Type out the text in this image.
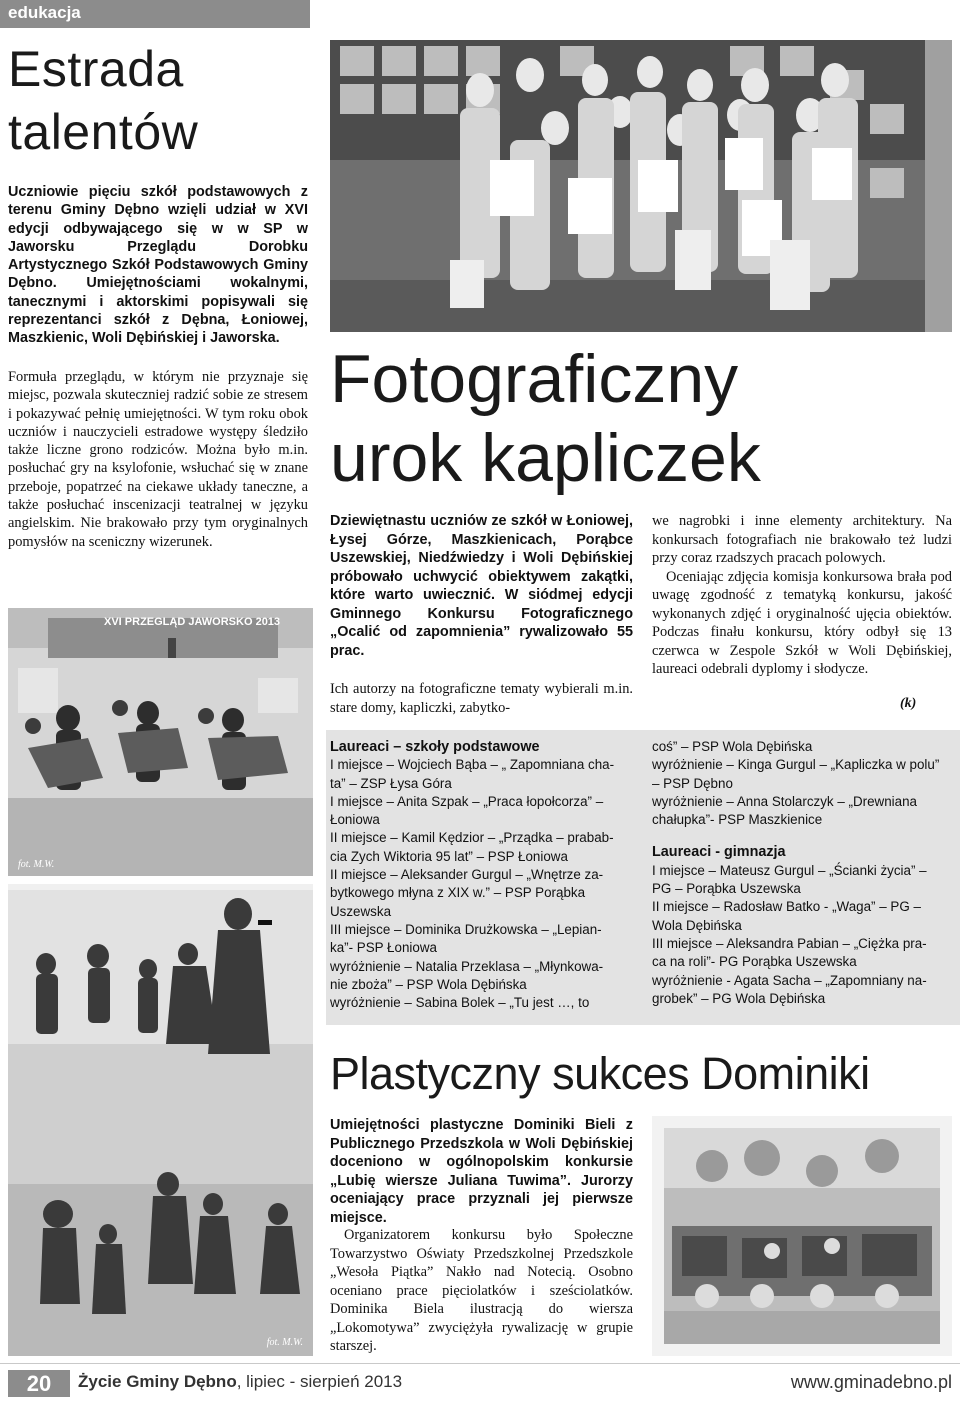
edukacja
Estrada
talentów
Uczniowie pięciu szkół podstawowych z terenu Gminy Dębno wzięli udział w XVI edycji odbywającego się w w SP w Jaworsku Przeglądu Dorobku Artystycznego Szkół Podstawowych Gminy Dębno. Umiejętnościami wokalnymi, tanecznymi i aktorskimi popisywali się reprezentanci szkół z Dębna, Łoniowej, Maszkienic, Woli Dębińskiej i Jaworska.
Formuła przeglądu, w którym nie przyznaje się miejsc, pozwala skuteczniej radzić sobie ze stresem i pokazywać pełnię umiejętności. W tym roku obok uczniów i nauczycieli estradowe występy śledziło także liczne grono rodziców. Można było m.in. posłuchać gry na ksylofonie, wsłuchać się w znane przeboje, popatrzeć na ciekawe układy taneczne, a także posłuchać inscenizacji teatralnej w języku angielskim. Nie brakowało przy tym oryginalnych pomysłów na sceniczny wizerunek.
XVI PRZEGLĄD JAWORSKO 2013
fot. M.W.
fot. M.W.
Fotograficzny
urok kapliczek
Dziewiętnastu uczniów ze szkół w Łoniowej, Łysej Górze, Maszkienicach, Porąbce Uszewskiej, Niedźwiedzy i Woli Dębińskiej próbowało uchwycić obiektywem zakątki, które warto uwiecznić. W siódmej edycji Gminnego Konkursu Fotograficznego „Ocalić od zapomnienia” rywalizowało 55 prac.
Ich autorzy na fotograficzne tematy wybierali m.in. stare domy, kapliczki, zabytko-
we nagrobki i inne elementy architektury. Na konkursach fotografiach nie brakowało też ludzi przy coraz rzadszych pracach polowych.
Oceniając zdjęcia komisja konkursowa brała pod uwagę zgodność z tematyką konkursu, jakość wykonanych zdjęć i oryginalność ujęcia obiektów. Podczas finału konkursu, który odbył się 13 czerwca w Zespole Szkół w Woli Dębińskiej, laureaci odebrali dyplomy i słodycze.
(k)
Laureaci – szkoły podstawowe
I miejsce – Wojciech Bąba – „ Zapomniana cha-
ta” – ZSP Łysa Góra
I miejsce – Anita Szpak – „Praca łopołcorza” –
Łoniowa
II miejsce – Kamil Kędzior – „Prządka – prabab-
cia Zych Wiktoria 95 lat” – PSP Łoniowa
II miejsce – Aleksander Gurgul – „Wnętrze za-
bytkowego młyna z XIX w.” – PSP Porąbka
Uszewska
III miejsce – Dominika Drużkowska – „Lepian-
ka”- PSP Łoniowa
wyróżnienie – Natalia Przeklasa – „Młynkowa-
nie zboża” – PSP Wola Dębińska
wyróżnienie – Sabina Bolek – „Tu jest …, to
coś” – PSP Wola Dębińska
wyróżnienie – Kinga Gurgul – „Kapliczka w polu”
– PSP Dębno
wyróżnienie – Anna Stolarczyk – „Drewniana
chałupka”- PSP Maszkienice
Laureaci - gimnazja
I miejsce – Mateusz Gurgul – „Ścianki życia” –
PG – Porąbka Uszewska
II miejsce – Radosław Batko - „Waga” – PG –
Wola Dębińska
III miejsce – Aleksandra Pabian – „Ciężka pra-
ca na roli”- PG Porąbka Uszewska
wyróżnienie - Agata Sacha – „Zapomniany na-
grobek” – PG Wola Dębińska
Plastyczny sukces Dominiki
Umiejętności plastyczne Dominiki Bieli z Publicznego Przedszkola w Woli Dębińskiej doceniono w ogólnopolskim konkursie „Lubię wiersze Juliana Tuwima”. Jurorzy oceniający prace przyznali jej pierwsze miejsce.
Organizatorem konkursu było Społeczne Towarzystwo Oświaty Przedszkolnej Przedszkole „Wesoła Piątka” Nakło nad Notecią. Osobno oceniano prace pięciolatków i sześciolatków. Dominika Biela ilustracją do wiersza „Lokomotywa” zwyciężyła rywalizację w grupie starszej.
20	Życie Gminy Dębno, lipiec - sierpień 2013	www.gminadebno.pl
